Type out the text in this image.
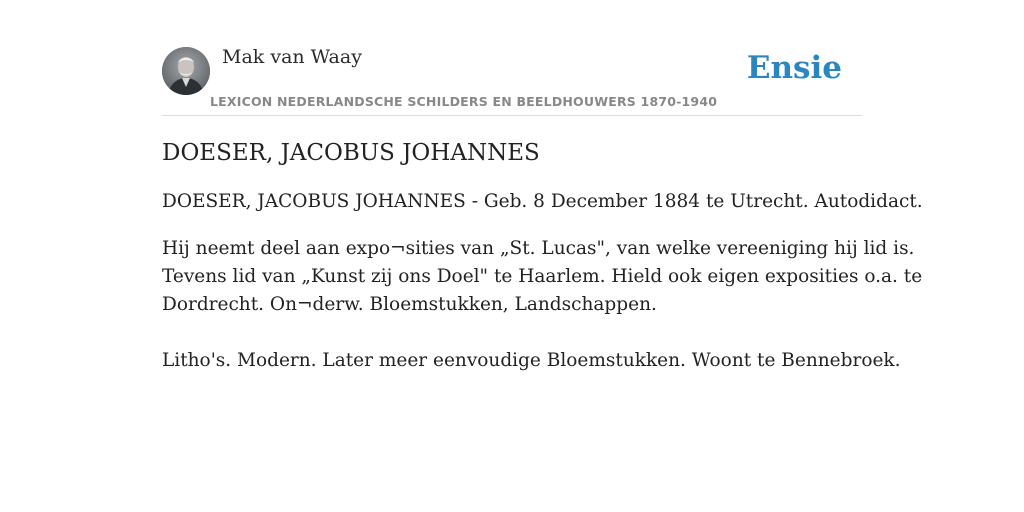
Mak van Waay
LEXICON NEDERLANDSCHE SCHILDERS EN BEELDHOUWERS 1870-1940
Ensie
DOESER, JACOBUS JOHANNES

DOESER, JACOBUS JOHANNES - Geb. 8 December 1884 te Utrecht. Autodidact.

Hij neemt deel aan expo¬sities van „St. Lucas", van welke vereeniging hij lid is.
Tevens lid van „Kunst zij ons Doel" te Haarlem. Hield ook eigen exposities o.a. te
Dordrecht. On¬derw. Bloemstukken, Landschappen.

Litho's. Modern. Later meer eenvoudige Bloemstukken. Woont te Bennebroek.
